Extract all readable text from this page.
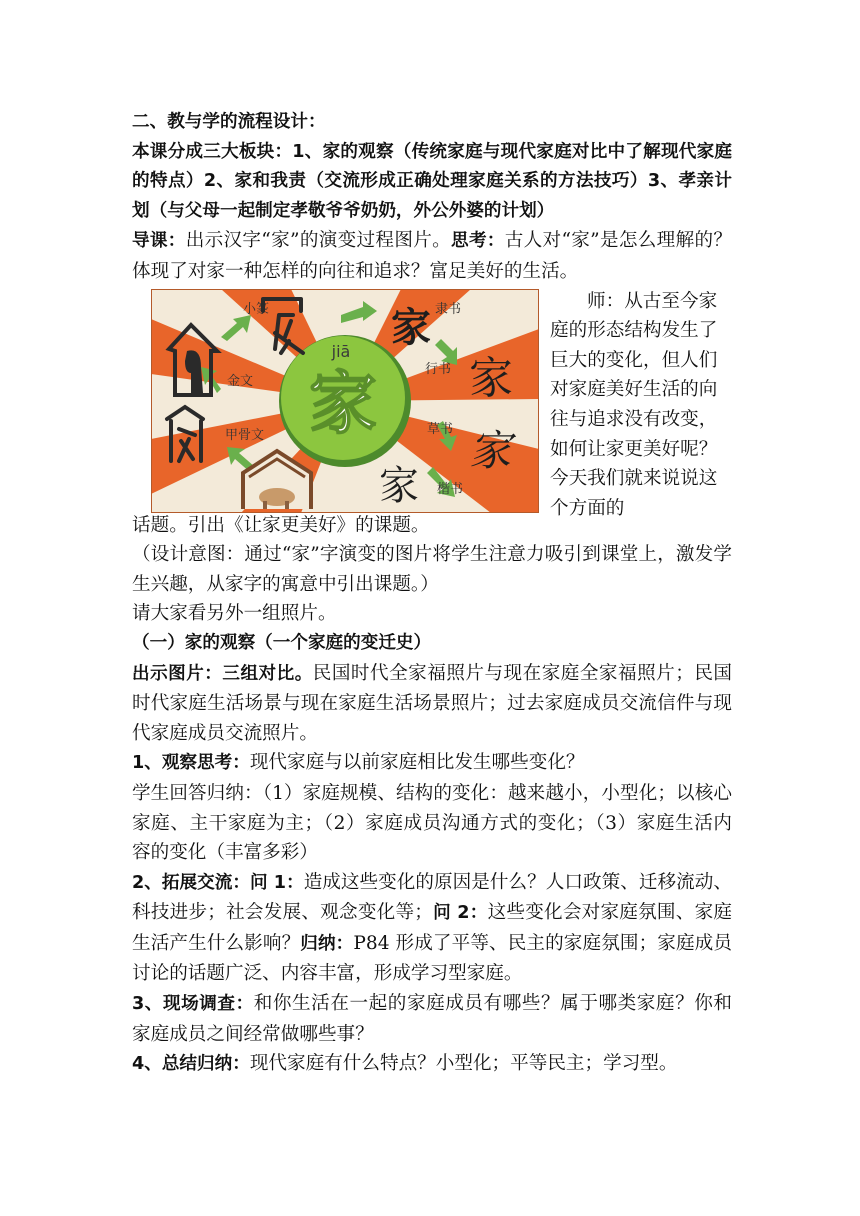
二、教与学的流程设计：

本课分成三大板块：1、家的观察（传统家庭与现代家庭对比中了解现代家庭的特点）2、家和我责（交流形成正确处理家庭关系的方法技巧）3、孝亲计划（与父母一起制定孝敬爷爷奶奶，外公外婆的计划）

导课：出示汉字“家”的演变过程图片。思考：古人对“家”是怎么理解的？体现了对家一种怎样的向往和追求？富足美好的生活。

jiā
家
小篆
金文
甲骨文
隶书
行书
草书
楷书
家
家
家
家
师：从古至今家庭的形态结构发生了巨大的变化，但人们对家庭美好生活的向往与追求没有改变，如何让家更美好呢？今天我们就来说说这个方面的

话题。引出《让家更美好》的课题。

（设计意图：通过“家”字演变的图片将学生注意力吸引到课堂上，激发学生兴趣，从家字的寓意中引出课题。）

请大家看另外一组照片。

（一）家的观察（一个家庭的变迁史）

出示图片：三组对比。民国时代全家福照片与现在家庭全家福照片；民国时代家庭生活场景与现在家庭生活场景照片；过去家庭成员交流信件与现代家庭成员交流照片。

1、观察思考：现代家庭与以前家庭相比发生哪些变化？

学生回答归纳：（1）家庭规模、结构的变化：越来越小，小型化；以核心家庭、主干家庭为主；（2）家庭成员沟通方式的变化；（3）家庭生活内容的变化（丰富多彩）

2、拓展交流：问 1：造成这些变化的原因是什么？人口政策、迁移流动、科技进步；社会发展、观念变化等；问 2：这些变化会对家庭氛围、家庭生活产生什么影响？归纳：P84 形成了平等、民主的家庭氛围；家庭成员讨论的话题广泛、内容丰富，形成学习型家庭。

3、现场调查：和你生活在一起的家庭成员有哪些？属于哪类家庭？你和家庭成员之间经常做哪些事？

4、总结归纳：现代家庭有什么特点？小型化；平等民主；学习型。
